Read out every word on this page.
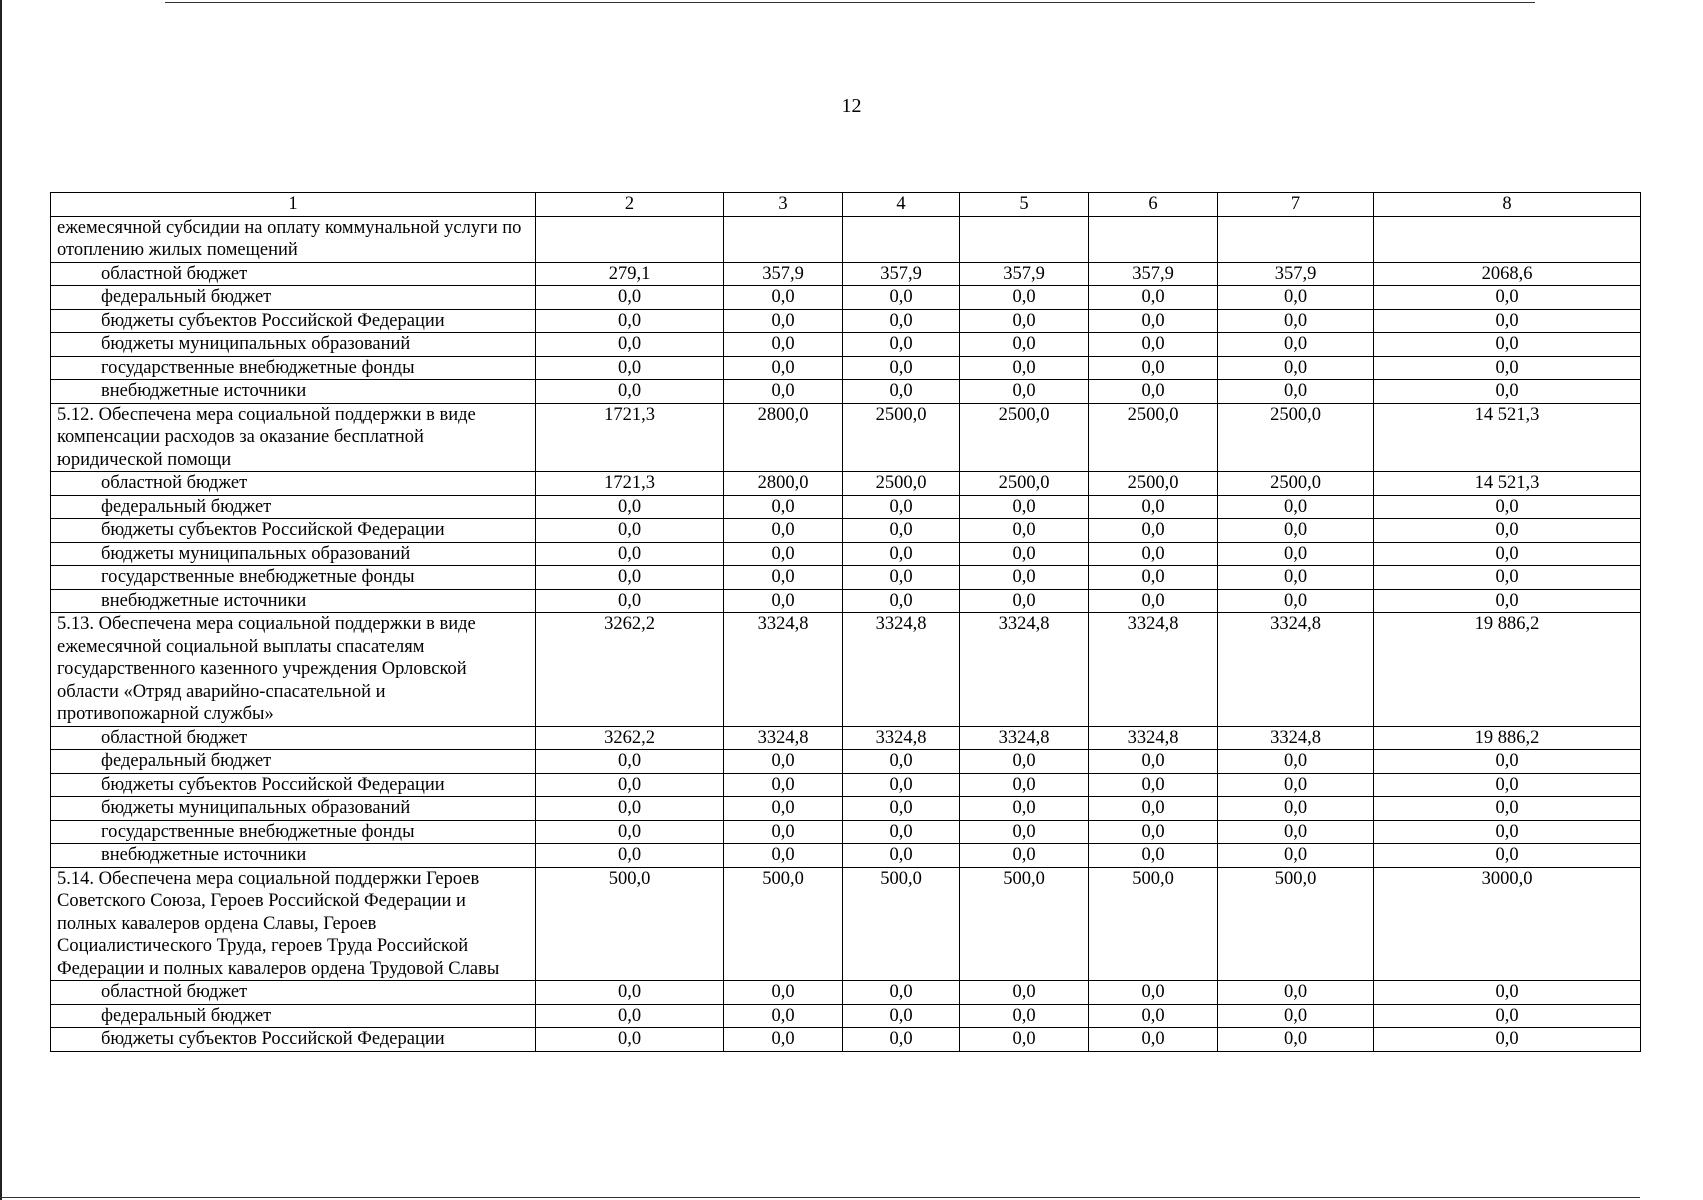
12
1	2	3	4	5	6	7	8
ежемесячной субсидии на оплату коммунальной услуги по отоплению жилых помещений							
областной бюджет	279,1	357,9	357,9	357,9	357,9	357,9	2068,6
федеральный бюджет	0,0	0,0	0,0	0,0	0,0	0,0	0,0
бюджеты субъектов Российской Федерации	0,0	0,0	0,0	0,0	0,0	0,0	0,0
бюджеты муниципальных образований	0,0	0,0	0,0	0,0	0,0	0,0	0,0
государственные внебюджетные фонды	0,0	0,0	0,0	0,0	0,0	0,0	0,0
внебюджетные источники	0,0	0,0	0,0	0,0	0,0	0,0	0,0
5.12. Обеспечена мера социальной поддержки в виде компенсации расходов за оказание бесплатной юридической помощи	1721,3	2800,0	2500,0	2500,0	2500,0	2500,0	14 521,3
областной бюджет	1721,3	2800,0	2500,0	2500,0	2500,0	2500,0	14 521,3
федеральный бюджет	0,0	0,0	0,0	0,0	0,0	0,0	0,0
бюджеты субъектов Российской Федерации	0,0	0,0	0,0	0,0	0,0	0,0	0,0
бюджеты муниципальных образований	0,0	0,0	0,0	0,0	0,0	0,0	0,0
государственные внебюджетные фонды	0,0	0,0	0,0	0,0	0,0	0,0	0,0
внебюджетные источники	0,0	0,0	0,0	0,0	0,0	0,0	0,0
5.13. Обеспечена мера социальной поддержки в виде ежемесячной социальной выплаты спасателям государственного казенного учреждения Орловской области «Отряд аварийно-спасательной и противопожарной службы»	3262,2	3324,8	3324,8	3324,8	3324,8	3324,8	19 886,2
областной бюджет	3262,2	3324,8	3324,8	3324,8	3324,8	3324,8	19 886,2
федеральный бюджет	0,0	0,0	0,0	0,0	0,0	0,0	0,0
бюджеты субъектов Российской Федерации	0,0	0,0	0,0	0,0	0,0	0,0	0,0
бюджеты муниципальных образований	0,0	0,0	0,0	0,0	0,0	0,0	0,0
государственные внебюджетные фонды	0,0	0,0	0,0	0,0	0,0	0,0	0,0
внебюджетные источники	0,0	0,0	0,0	0,0	0,0	0,0	0,0
5.14. Обеспечена мера социальной поддержки Героев Советского Союза, Героев Российской Федерации и полных кавалеров ордена Славы, Героев Социалистического Труда, героев Труда Российской Федерации и полных кавалеров ордена Трудовой Славы	500,0	500,0	500,0	500,0	500,0	500,0	3000,0
областной бюджет	0,0	0,0	0,0	0,0	0,0	0,0	0,0
федеральный бюджет	0,0	0,0	0,0	0,0	0,0	0,0	0,0
бюджеты субъектов Российской Федерации	0,0	0,0	0,0	0,0	0,0	0,0	0,0
